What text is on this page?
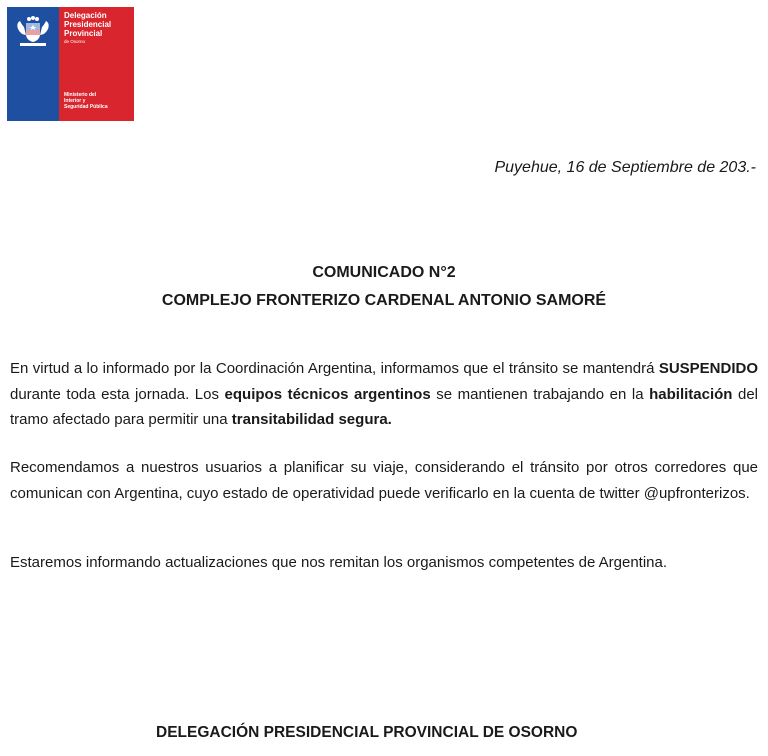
Delegación
Presidencial
Provincial
de Osorno
Ministerio del
Interior y
Seguridad Pública
Puyehue, 16 de Septiembre de 203.-
COMUNICADO N°2
COMPLEJO FRONTERIZO CARDENAL ANTONIO SAMORÉ

En virtud a lo informado por la Coordinación Argentina, informamos que el tránsito se mantendrá SUSPENDIDO durante toda esta jornada. Los equipos técnicos argentinos se mantienen trabajando en la habilitación del tramo afectado para permitir una transitabilidad segura.

Recomendamos a nuestros usuarios a planificar su viaje, considerando el tránsito por otros corredores que comunican con Argentina, cuyo estado de operatividad puede verificarlo en la cuenta de twitter @upfronterizos.

Estaremos informando actualizaciones que nos remitan los organismos competentes de Argentina.

DELEGACIÓN PRESIDENCIAL PROVINCIAL DE OSORNO
